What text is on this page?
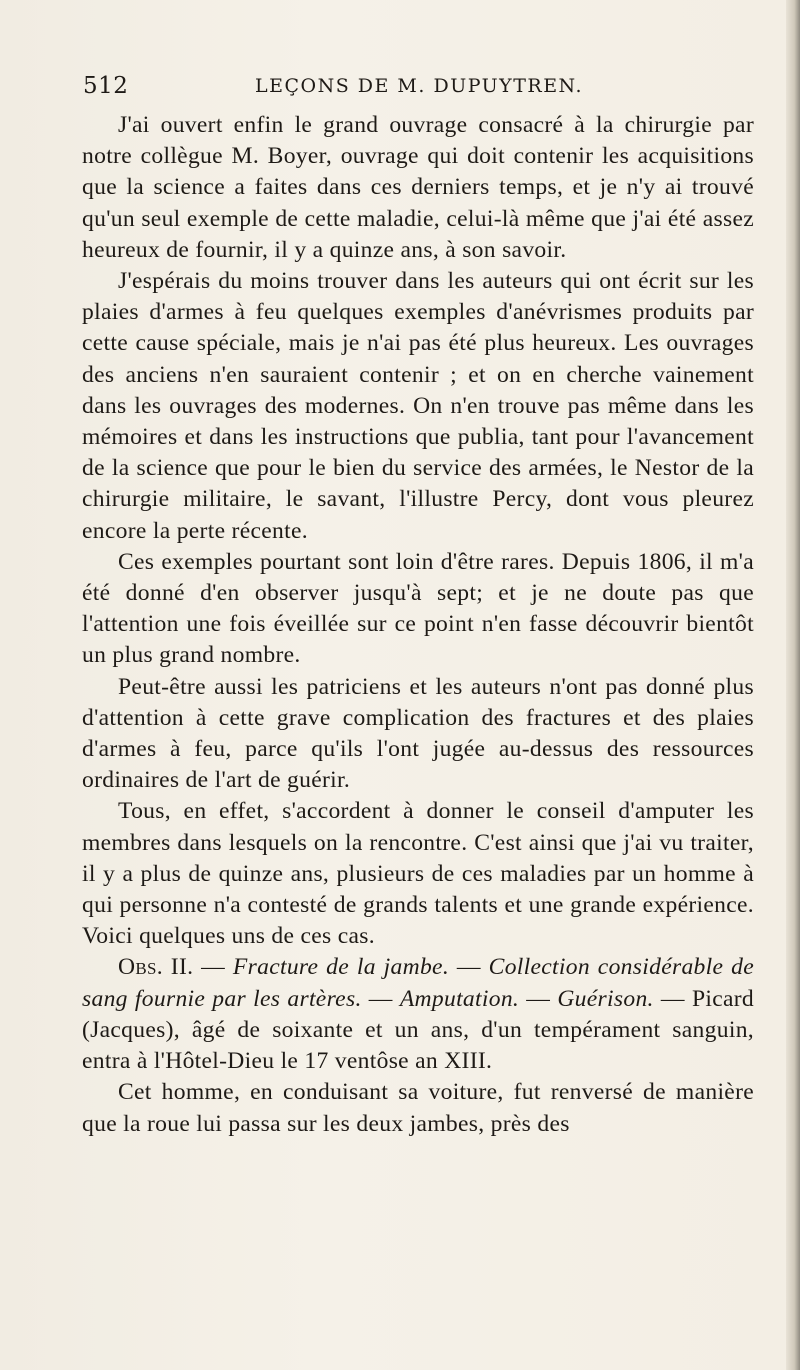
512	LEÇONS DE M. DUPUYTREN.

J'ai ouvert enfin le grand ouvrage consacré à la chirurgie par notre collègue M. Boyer, ouvrage qui doit contenir les acquisitions que la science a faites dans ces derniers temps, et je n'y ai trouvé qu'un seul exemple de cette maladie, celui-là même que j'ai été assez heureux de fournir, il y a quinze ans, à son savoir.

J'espérais du moins trouver dans les auteurs qui ont écrit sur les plaies d'armes à feu quelques exemples d'anévrismes produits par cette cause spéciale, mais je n'ai pas été plus heureux. Les ouvrages des anciens n'en sauraient contenir ; et on en cherche vainement dans les ouvrages des modernes. On n'en trouve pas même dans les mémoires et dans les instructions que publia, tant pour l'avancement de la science que pour le bien du service des armées, le Nestor de la chirurgie militaire, le savant, l'illustre Percy, dont vous pleurez encore la perte récente.

Ces exemples pourtant sont loin d'être rares. Depuis 1806, il m'a été donné d'en observer jusqu'à sept; et je ne doute pas que l'attention une fois éveillée sur ce point n'en fasse découvrir bientôt un plus grand nombre.

Peut-être aussi les patriciens et les auteurs n'ont pas donné plus d'attention à cette grave complication des fractures et des plaies d'armes à feu, parce qu'ils l'ont jugée au-dessus des ressources ordinaires de l'art de guérir.

Tous, en effet, s'accordent à donner le conseil d'amputer les membres dans lesquels on la rencontre. C'est ainsi que j'ai vu traiter, il y a plus de quinze ans, plusieurs de ces maladies par un homme à qui personne n'a contesté de grands talents et une grande expérience. Voici quelques uns de ces cas.

Obs. II. — Fracture de la jambe. — Collection considérable de sang fournie par les artères. — Amputation. — Guérison. — Picard (Jacques), âgé de soixante et un ans, d'un tempérament sanguin, entra à l'Hôtel-Dieu le 17 ventôse an XIII.

Cet homme, en conduisant sa voiture, fut renversé de manière que la roue lui passa sur les deux jambes, près des
